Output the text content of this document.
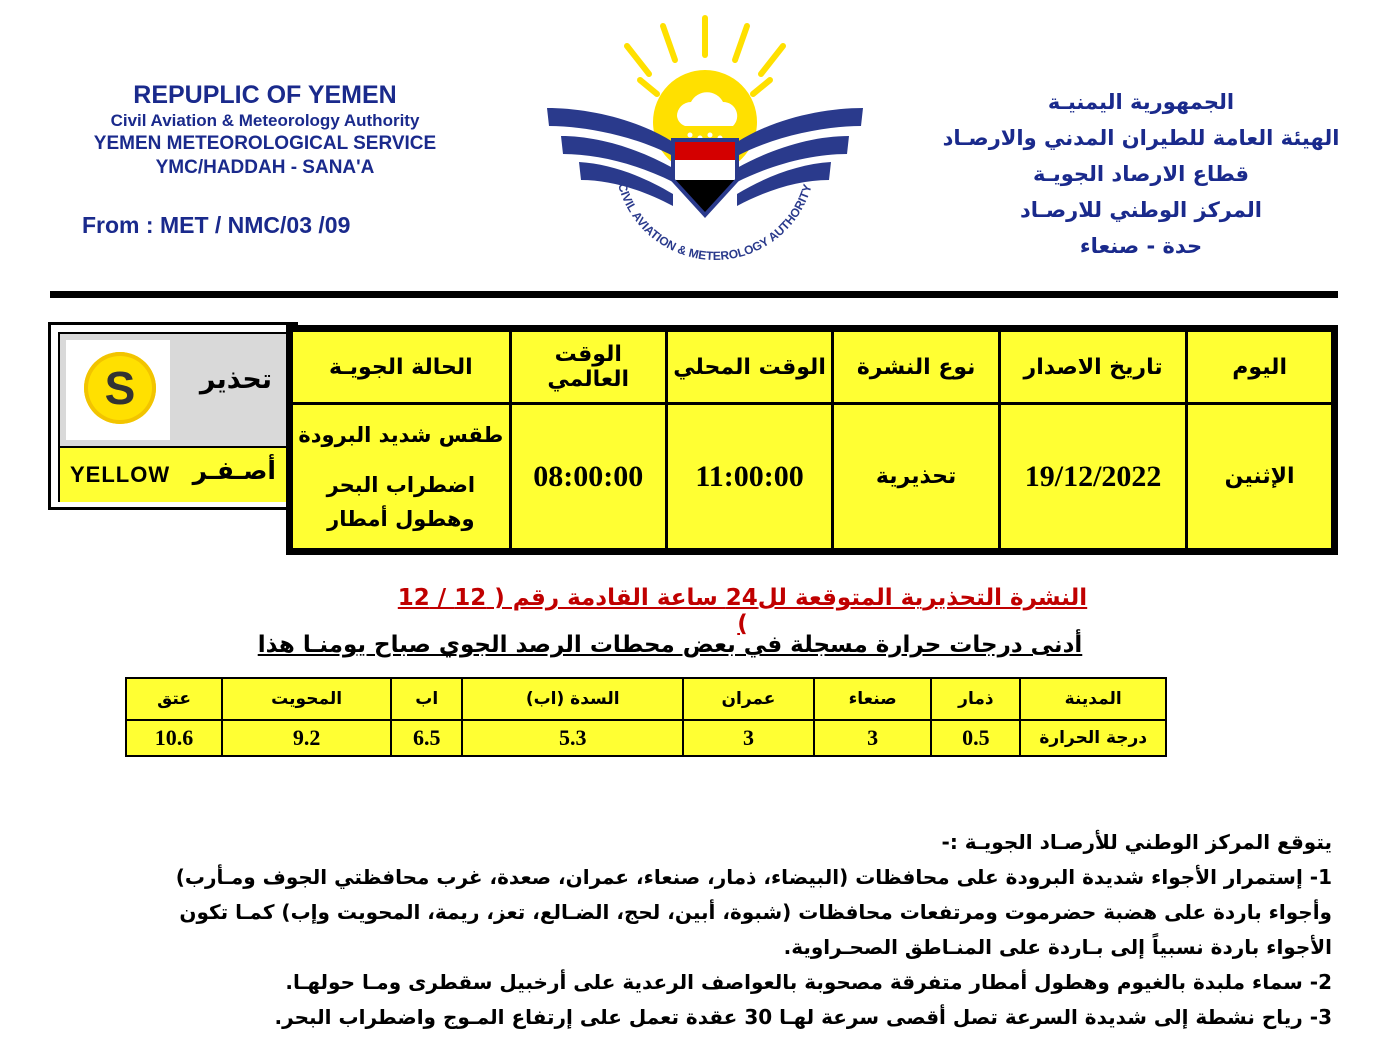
REPUPLIC OF YEMEN
Civil Aviation & Meteorology Authority
YEMEN METEOROLOGICAL SERVICE
YMC/HADDAH - SANA'A
From : MET / NMC/03 /09
CIVIL AVIATION & METEROLOGY AUTHORITY
الجمهورية اليمنيـة
الهيئة العامة للطيران المدني والارصـاد
قطاع الارصاد الجويـة
المركز الوطني للارصـاد
حدة - صنعاء
S	تحذير
YELLOW أصـفـر
اليوم	تاريخ الاصدار	نوع النشرة	الوقت المحلي	الوقت العالمي	الحالة الجويـة
الإثنين	19/12/2022	تحذيرية	11:00:00	08:00:00	طقس شديد البرودة
اضطراب البحر
وهطول أمطار
النشرة التحذيرية المتوقعة لل24 ساعة القادمة رقم ( 12 / 12 )
أدنى درجات حرارة مسجلة في بعض محطات الرصد الجوي صباح يومنـا هذا
المدينة	ذمار	صنعاء	عمران	السدة (اب)	اب	المحويت	عتق
درجة الحرارة	0.5	3	3	5.3	6.5	9.2	10.6

يتوقع المركز الوطني للأرصـاد الجويـة :-

1- إستمرار الأجواء شديدة البرودة على محافظات (البيضاء، ذمار، صنعاء، عمران، صعدة، غرب محافظتي الجوف ومـأرب)

وأجواء باردة على هضبة حضرموت ومرتفعات محافظات (شبوة، أبين، لحج، الضـالع، تعز، ريمة، المحويت وإب) كمـا تكون

الأجواء باردة نسبياً إلى بـاردة على المنـاطق الصحـراوية.

2- سماء ملبدة بالغيوم وهطول أمطار متفرقة مصحوبة بالعواصف الرعدية على أرخبيل سقطرى ومـا حولهـا.

3- رياح نشطة إلى شديدة السرعة تصل أقصى سرعة لهـا 30 عقدة تعمل على إرتفاع المـوج واضطراب البحر.
